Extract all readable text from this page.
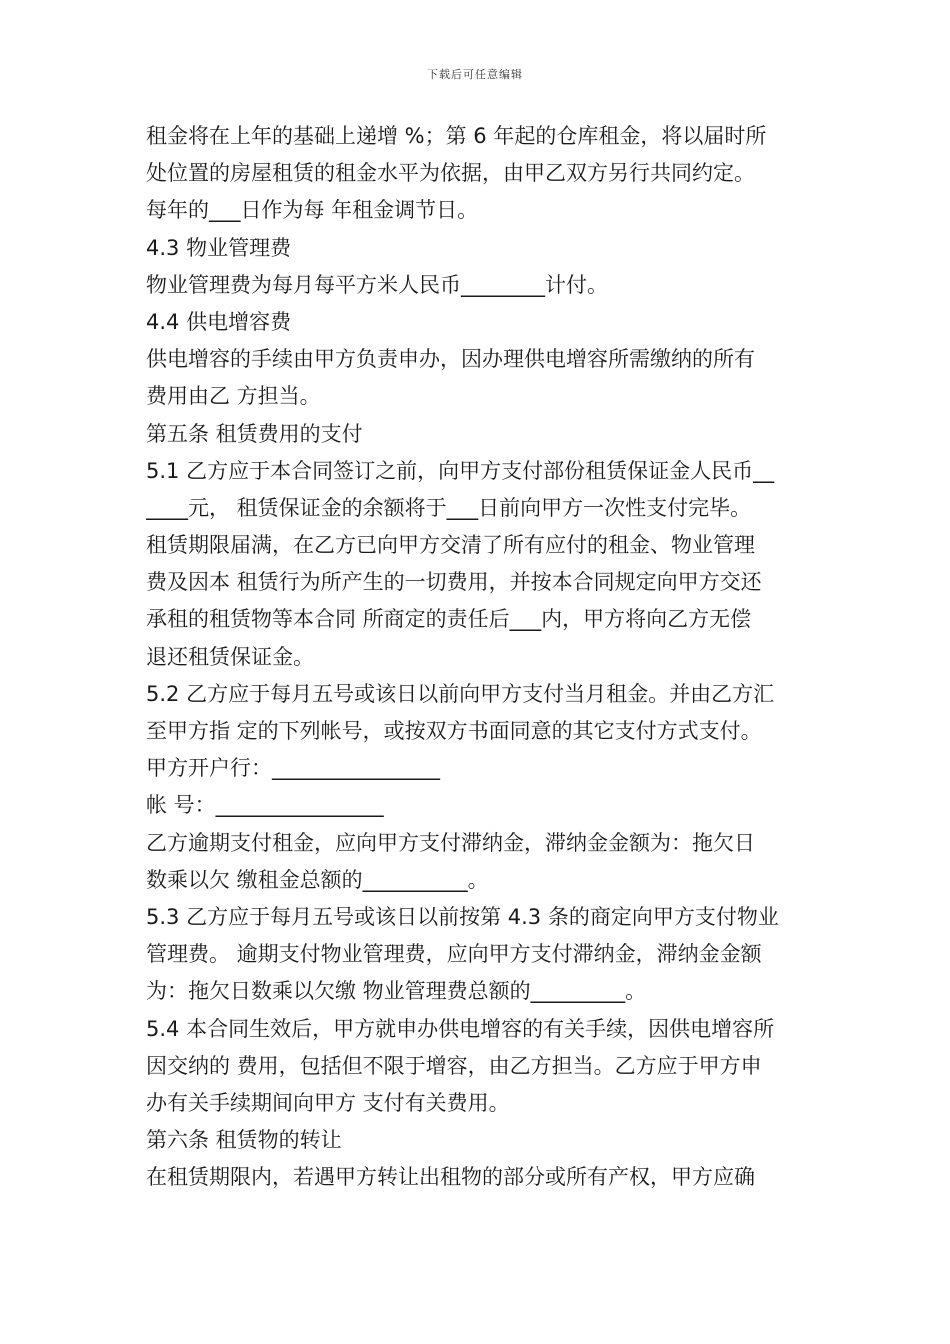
下载后可任意编辑
租金将在上年的基础上递增 %；第 6 年起的仓库租金，将以届时所
处位置的房屋租赁的租金水平为依据，由甲乙双方另行共同约定。
每年的___日作为每 年租金调节日。
4.3 物业管理费
物业管理费为每月每平方米人民币________计付。
4.4 供电增容费
供电增容的手续由甲方负责申办，因办理供电增容所需缴纳的所有
费用由乙 方担当。
第五条 租赁费用的支付
5.1 乙方应于本合同签订之前，向甲方支付部份租赁保证金人民币__
____元， 租赁保证金的余额将于___日前向甲方一次性支付完毕。
租赁期限届满，在乙方已向甲方交清了所有应付的租金、物业管理
费及因本 租赁行为所产生的一切费用，并按本合同规定向甲方交还
承租的租赁物等本合同 所商定的责任后___内，甲方将向乙方无偿
退还租赁保证金。
5.2 乙方应于每月五号或该日以前向甲方支付当月租金。并由乙方汇
至甲方指 定的下列帐号，或按双方书面同意的其它支付方式支付。
甲方开户行：________________
帐 号：________________
乙方逾期支付租金，应向甲方支付滞纳金，滞纳金金额为：拖欠日
数乘以欠 缴租金总额的__________。
5.3 乙方应于每月五号或该日以前按第 4.3 条的商定向甲方支付物业
管理费。 逾期支付物业管理费，应向甲方支付滞纳金，滞纳金金额
为：拖欠日数乘以欠缴 物业管理费总额的_________。
5.4 本合同生效后，甲方就申办供电增容的有关手续，因供电增容所
因交纳的 费用，包括但不限于增容，由乙方担当。乙方应于甲方申
办有关手续期间向甲方 支付有关费用。
第六条 租赁物的转让
在租赁期限内，若遇甲方转让出租物的部分或所有产权，甲方应确
